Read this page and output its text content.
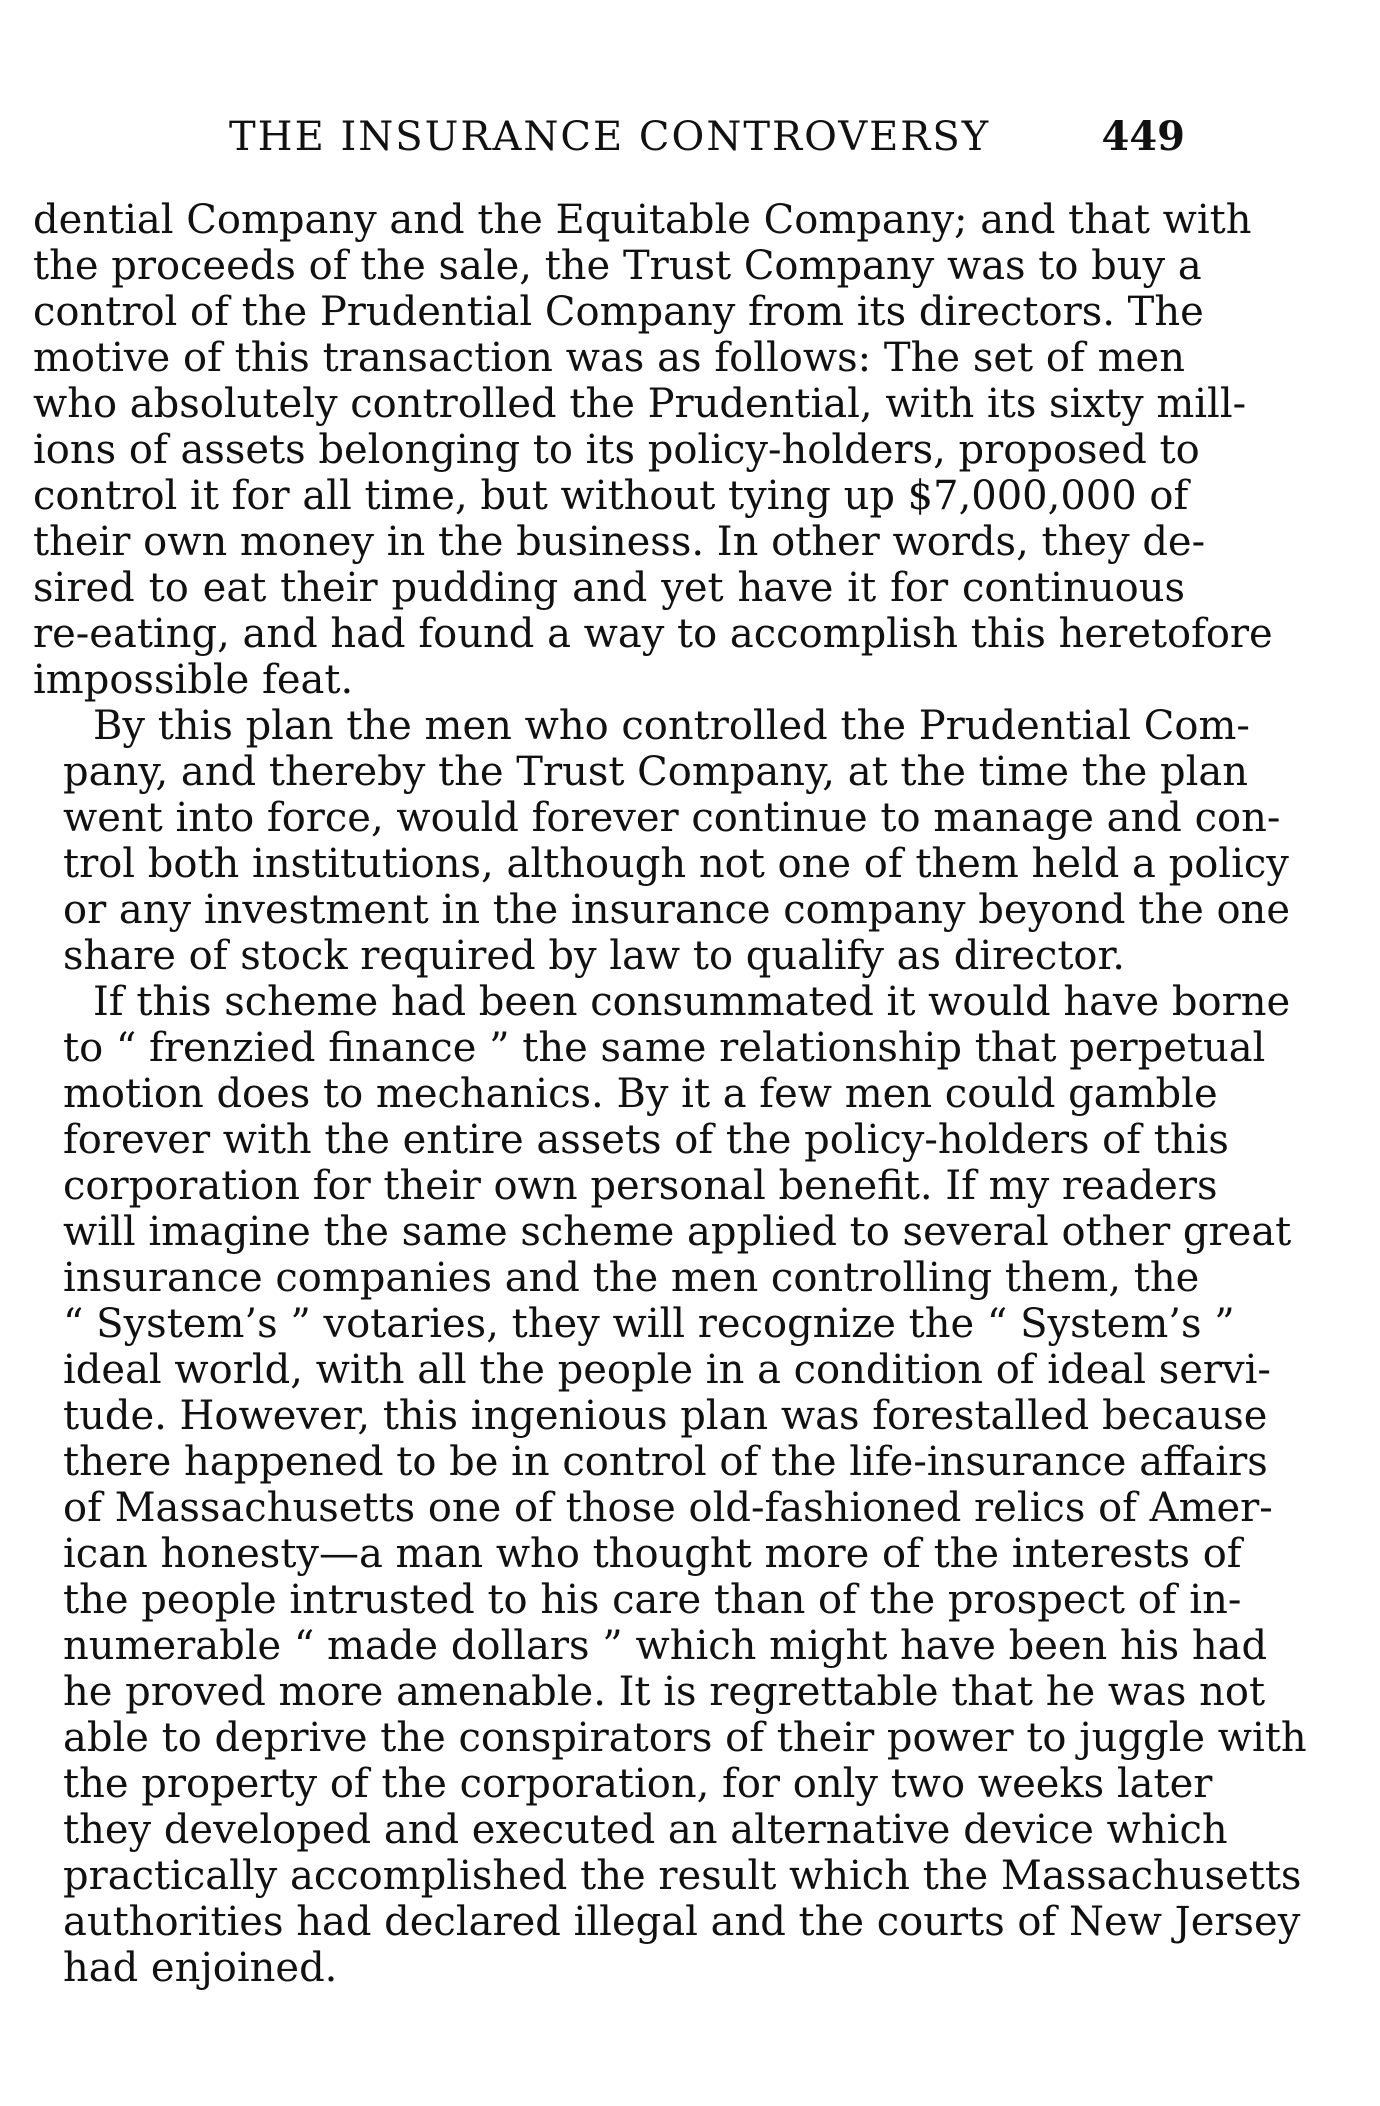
THE INSURANCE CONTROVERSY	449
dential Company and the Equitable Company; and that with
the proceeds of the sale, the Trust Company was to buy a
control of the Prudential Company from its directors. The
motive of this transaction was as follows: The set of men
who absolutely controlled the Prudential, with its sixty mill-
ions of assets belonging to its policy-holders, proposed to
control it for all time, but without tying up $7,000,000 of
their own money in the business. In other words, they de-
sired to eat their pudding and yet have it for continuous
re-eating, and had found a way to accomplish this heretofore
impossible feat.
By this plan the men who controlled the Prudential Com-
pany, and thereby the Trust Company, at the time the plan
went into force, would forever continue to manage and con-
trol both institutions, although not one of them held a policy
or any investment in the insurance company beyond the one
share of stock required by law to qualify as director.
If this scheme had been consummated it would have borne
to “ frenzied finance ” the same relationship that perpetual
motion does to mechanics. By it a few men could gamble
forever with the entire assets of the policy-holders of this
corporation for their own personal benefit. If my readers
will imagine the same scheme applied to several other great
insurance companies and the men controlling them, the
“ System’s ” votaries, they will recognize the “ System’s ”
ideal world, with all the people in a condition of ideal servi-
tude. However, this ingenious plan was forestalled because
there happened to be in control of the life-insurance affairs
of Massachusetts one of those old-fashioned relics of Amer-
ican honesty—a man who thought more of the interests of
the people intrusted to his care than of the prospect of in-
numerable “ made dollars ” which might have been his had
he proved more amenable. It is regrettable that he was not
able to deprive the conspirators of their power to juggle with
the property of the corporation, for only two weeks later
they developed and executed an alternative device which
practically accomplished the result which the Massachusetts
authorities had declared illegal and the courts of New Jersey
had enjoined.
